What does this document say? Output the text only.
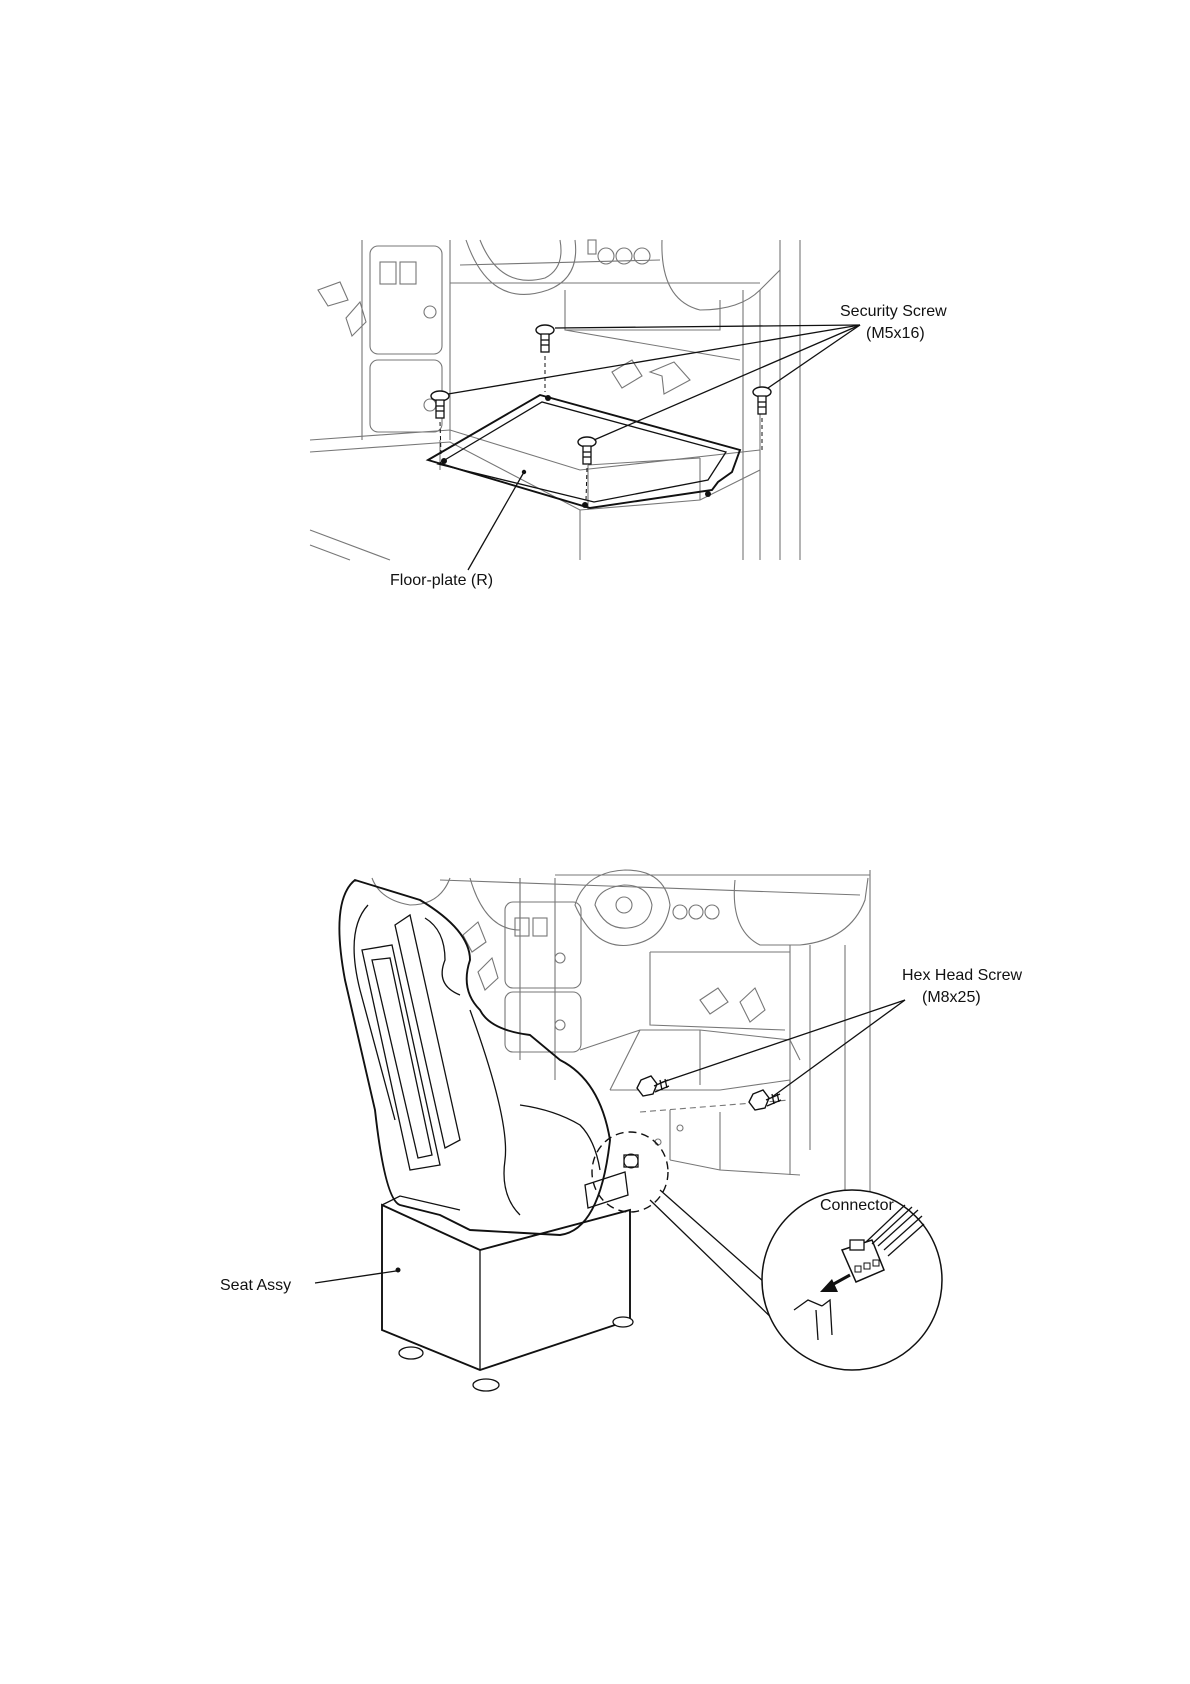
Security Screw
(M5x16)
Floor-plate (R)
Hex Head Screw
(M8x25)
Connector
Seat Assy
